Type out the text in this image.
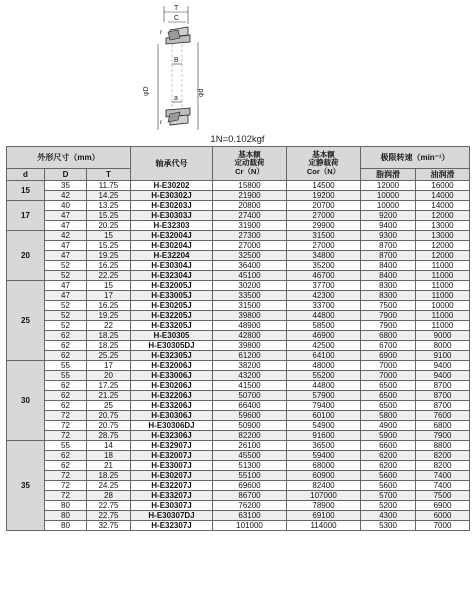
T
C
r
B
φD	φd
a
r
1N=0.102kgf
外形尺寸（mm）			轴承代号	基本额
定动载荷
Cr（N）	基本额
定静载荷
Cor（N）	极限转速（min⁻¹）	
d	D	T				脂润滑	油润滑
15	35	11.75	H-E30202	15800	14500	12000	16000
	42	14.25	H-E30302J	21900	19200	10000	14000
17	40	13.25	H-E30203J	20800	20700	10000	14000
	47	15.25	H-E30303J	27400	27000	9200	12000
	47	20.25	H-E32303	31900	29900	9400	13000
20	42	15	H-E32004J	27300	31500	9300	13000
	47	15.25	H-E30204J	27000	27000	8700	12000
	47	19.25	H-E32204	32500	34800	8700	12000
	52	16.25	H-E30304J	36400	35200	8400	11000
	52	22.25	H-E32304J	45100	46700	8400	11000
25	47	15	H-E32005J	30200	37700	8300	11000
	47	17	H-E33005J	33500	42300	8300	11000
	52	16.25	H-E30205J	31500	33700	7500	10000
	52	19.25	H-E32205J	39800	44800	7900	11000
	52	22	H-E33205J	48900	58500	7900	11000
	62	18.25	H-E30305	42800	46900	6800	9000
	62	18.25	H-E30305DJ	39800	42500	6700	8000
	62	25.25	H-E32305J	61200	64100	6900	9100
30	55	17	H-E32006J	38200	48000	7000	9400
	55	20	H-E33006J	43200	55200	7000	9400
	62	17.25	H-E30206J	41500	44800	6500	8700
	62	21.25	H-E32206J	50700	57900	6500	8700
	62	25	H-E33206J	66400	79400	6500	8700
	72	20.75	H-E30306J	59600	60100	5800	7600
	72	20.75	H-E30306DJ	50900	54900	4900	6800
	72	28.75	H-E32306J	82200	91600	5900	7900
35	55	14	H-E32907J	26100	36500	6600	8800
	62	18	H-E32007J	45500	59400	6200	8200
	62	21	H-E33007J	51300	68000	6200	8200
	72	18.25	H-E30207J	55100	60900	5600	7400
	72	24.25	H-E32207J	69600	82400	5600	7400
	72	28	H-E33207J	86700	107000	5700	7500
	80	22.75	H-E30307J	76200	78900	5200	6900
	80	22.75	H-E30307DJ	63100	69100	4300	6000
	80	32.75	H-E32307J	101000	114000	5300	7000
